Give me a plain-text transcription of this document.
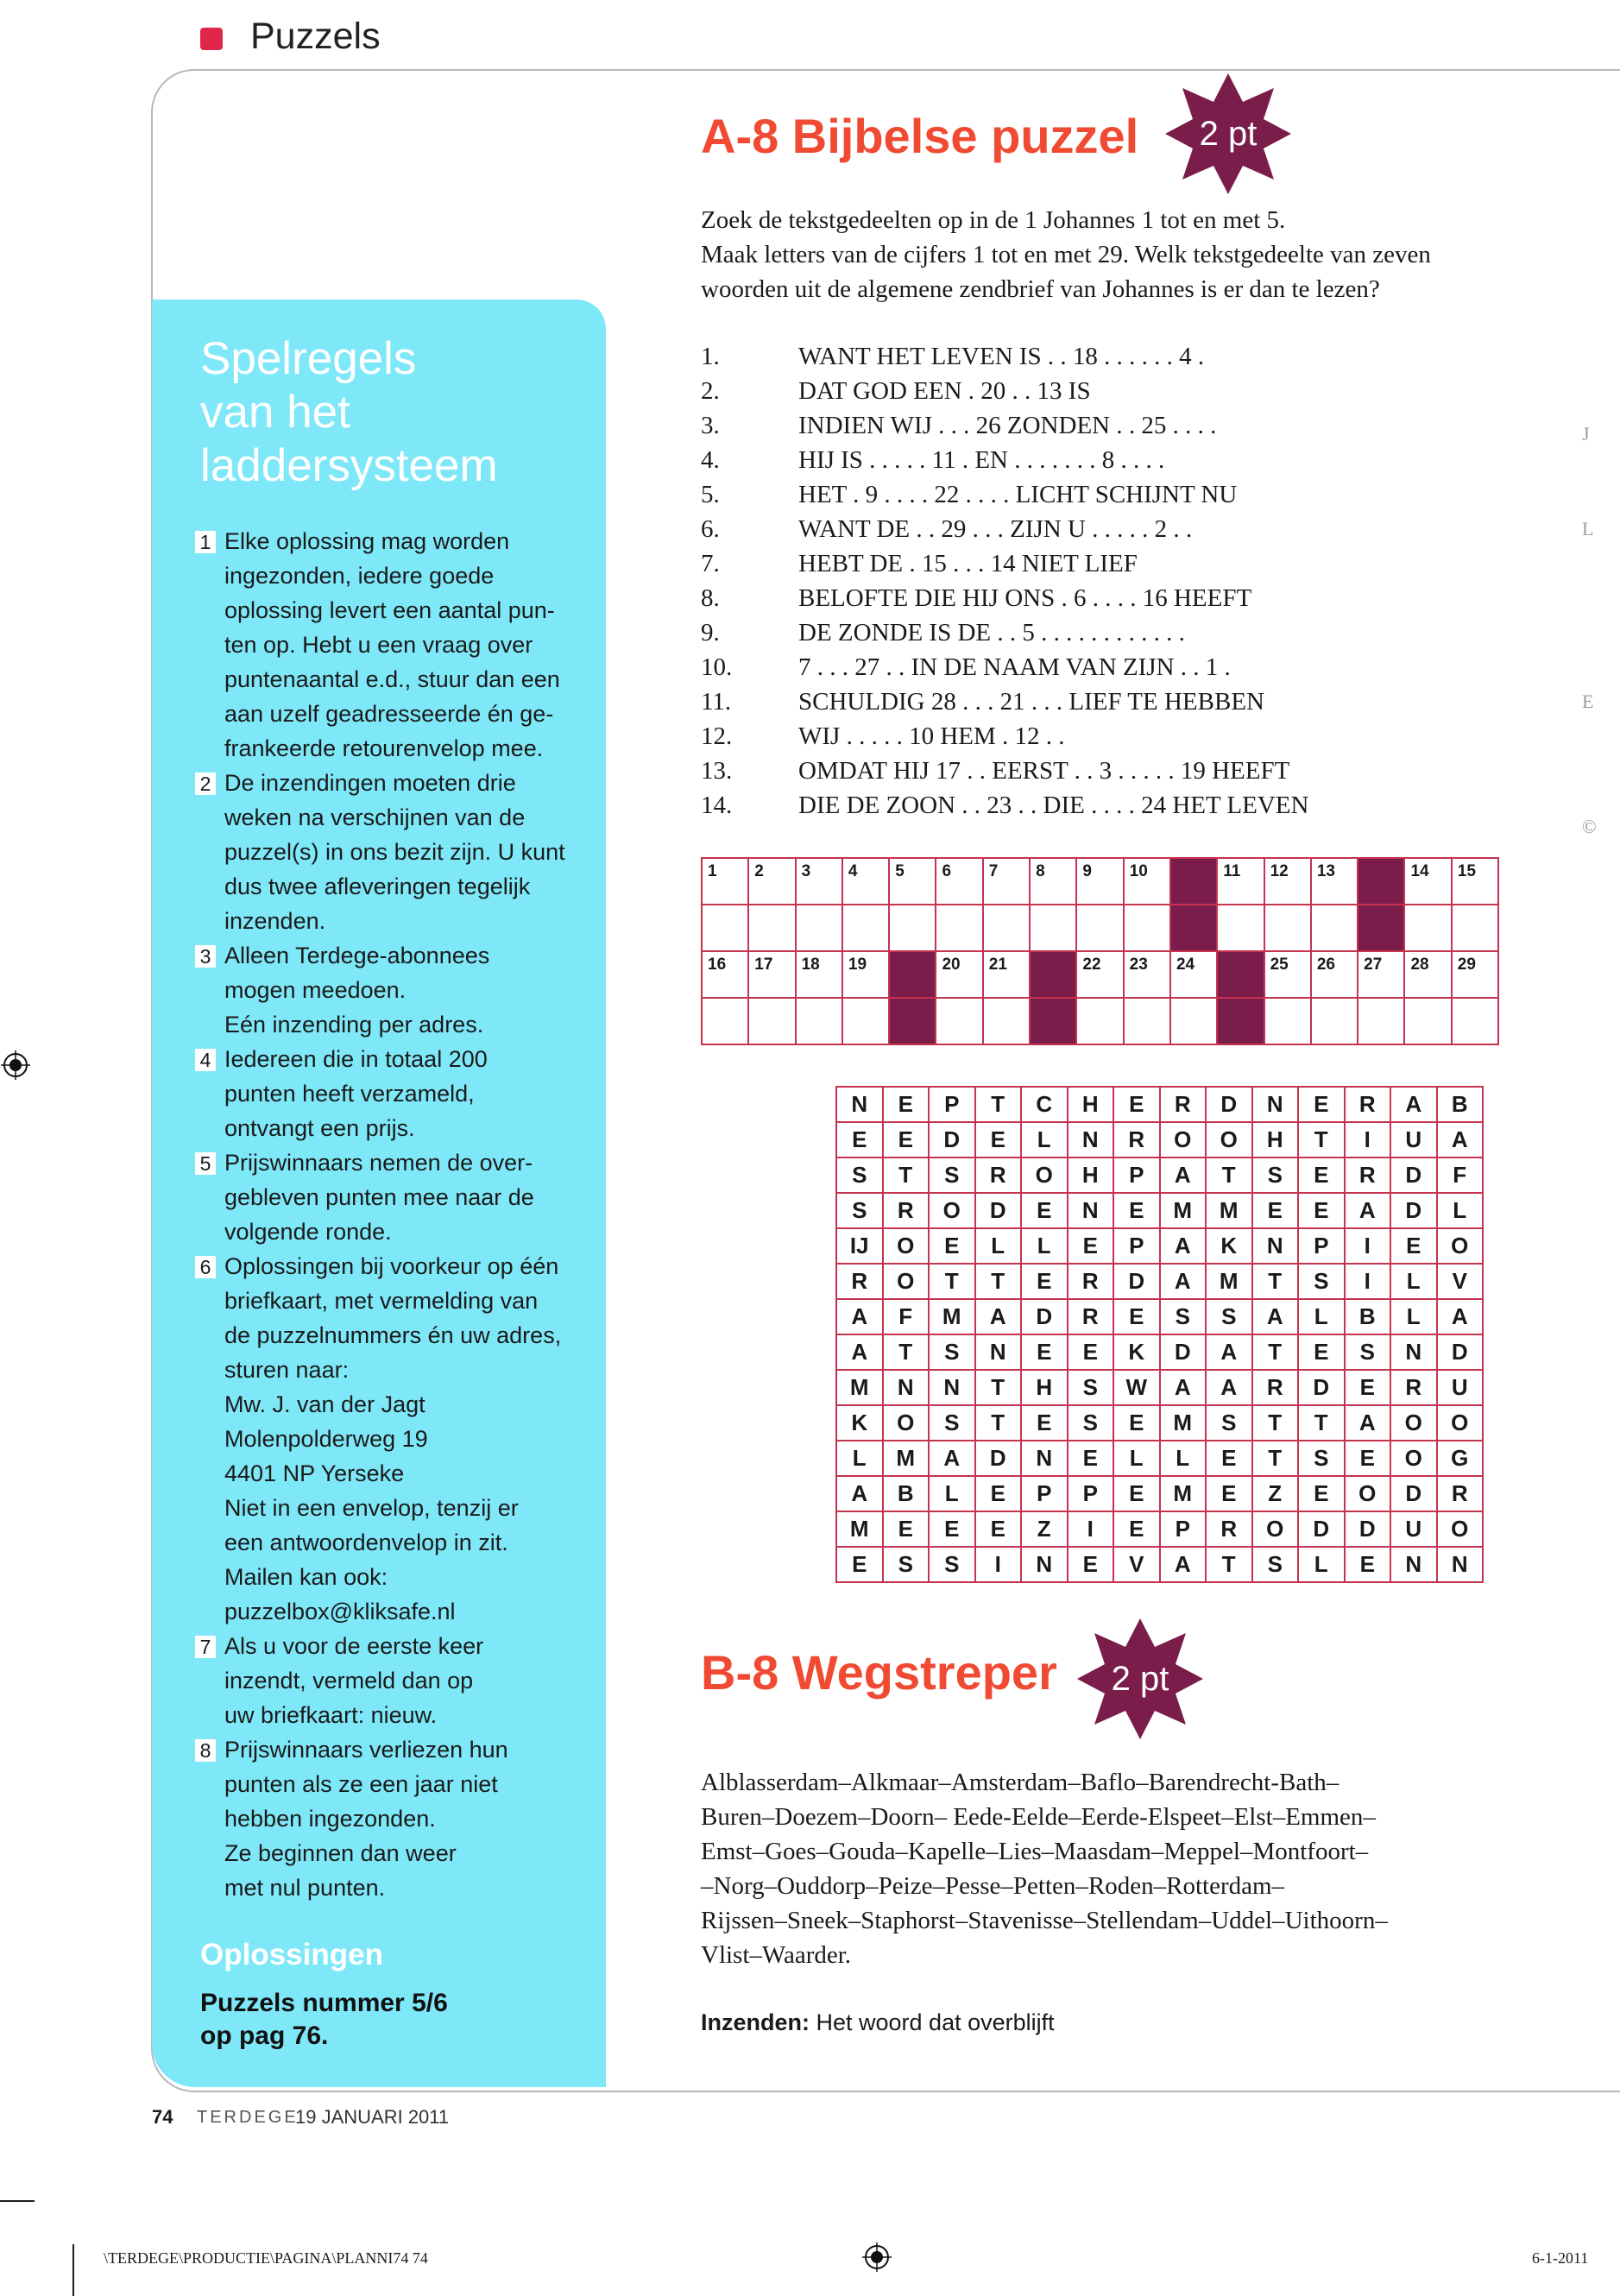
Puzzels
Spelregels
van het
laddersysteem
1 Elke oplossing mag worden
ingezonden, iedere goede
oplossing levert een aantal pun-
ten op. Hebt u een vraag over
puntenaantal e.d., stuur dan een
aan uzelf geadresseerde én ge-
frankeerde retourenvelop mee.
2 De inzendingen moeten drie
weken na verschijnen van de
puzzel(s) in ons bezit zijn. U kunt
dus twee afleveringen tegelijk
inzenden.
3 Alleen Terdege-abonnees
mogen meedoen.
Eén inzending per adres.
4 Iedereen die in totaal 200
punten heeft verzameld,
ontvangt een prijs.
5 Prijswinnaars nemen de over-
gebleven punten mee naar de
volgende ronde.
6 Oplossingen bij voorkeur op één
briefkaart, met vermelding van
de puzzelnummers én uw adres,
sturen naar:
Mw. J. van der Jagt
Molenpolderweg 19
4401 NP Yerseke
Niet in een envelop, tenzij er
een antwoordenvelop in zit.
Mailen kan ook:
puzzelbox@kliksafe.nl
7 Als u voor de eerste keer
inzendt, vermeld dan op
uw briefkaart: nieuw.
8 Prijswinnaars verliezen hun
punten als ze een jaar niet
hebben ingezonden.
Ze beginnen dan weer
met nul punten.
Oplossingen
Puzzels nummer 5/6
op pag 76.
A-8 Bijbelse puzzel	2 pt
Zoek de tekstgedeelten op in de 1 Johannes 1 tot en met 5.
Maak letters van de cijfers 1 tot en met 29. Welk tekstgedeelte van zeven
woorden uit de algemene zendbrief van Johannes is er dan te lezen?
1.	WANT HET LEVEN IS . . 18 . . . . . . 4 .
2.	DAT GOD EEN . 20 . . 13 IS
3.	INDIEN WIJ . . . 26 ZONDEN . . 25 . . . .
4.	HIJ IS . . . . . 11 . EN . . . . . . . 8 . . . .
5.	HET . 9 . . . . 22 . . . . LICHT SCHIJNT NU
6.	WANT DE . . 29 . . . ZIJN U . . . . . 2 . .
7.	HEBT DE . 15 . . . 14 NIET LIEF
8.	BELOFTE DIE HIJ ONS . 6 . . . . 16 HEEFT
9.	DE ZONDE IS DE . . 5 . . . . . . . . . . . .
10.	7 . . . 27 . . IN DE NAAM VAN ZIJN . . 1 .
11.	SCHULDIG 28 . . . 21 . . . LIEF TE HEBBEN
12.	WIJ . . . . . 10 HEM . 12 . .
13.	OMDAT HIJ 17 . . EERST . . 3 . . . . . 19 HEEFT
14.	DIE DE ZOON . . 23 . . DIE . . . . 24 HET LEVEN
1	2	3	4	5	6	7	8	9	10		11	12	13		14	15

16	17	18	19		20	21		22	23	24		25	26	27	28	29

N	E	P	T	C	H	E	R	D	N	E	R	A	B
E	E	D	E	L	N	R	O	O	H	T	I	U	A
S	T	S	R	O	H	P	A	T	S	E	R	D	F
S	R	O	D	E	N	E	M	M	E	E	A	D	L
IJ	O	E	L	L	E	P	A	K	N	P	I	E	O
R	O	T	T	E	R	D	A	M	T	S	I	L	V
A	F	M	A	D	R	E	S	S	A	L	B	L	A
A	T	S	N	E	E	K	D	A	T	E	S	N	D
M	N	N	T	H	S	W	A	A	R	D	E	R	U
K	O	S	T	E	S	E	M	S	T	T	A	O	O
L	M	A	D	N	E	L	L	E	T	S	E	O	G
A	B	L	E	P	P	E	M	E	Z	E	O	D	R
M	E	E	E	Z	I	E	P	R	O	D	D	U	O
E	S	S	I	N	E	V	A	T	S	L	E	N	N
B-8 Wegstreper	2 pt
Alblasserdam–Alkmaar–Amsterdam–Baflo–Barendrecht-Bath–
Buren–Doezem–Doorn– Eede-Eelde–Eerde-Elspeet–Elst–Emmen–
Emst–Goes–Gouda–Kapelle–Lies–Maasdam–Meppel–Montfoort–
–Norg–Ouddorp–Peize–Pesse–Petten–Roden–Rotterdam–
Rijssen–Sneek–Staphorst–Stavenisse–Stellendam–Uddel–Uithoorn–
Vlist–Waarder.
Inzenden: Het woord dat overblijft
74 TERDEGE
19 JANUARI 2011
\TERDEGE\PRODUCTIE\PAGINA\PLANNI74 74	6-1-2011
J
L
E
©
